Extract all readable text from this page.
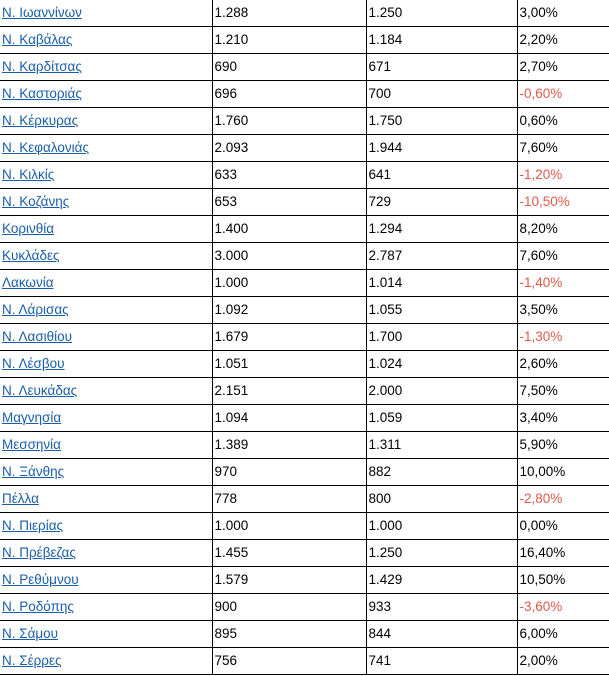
Ν. Ιωαννίνων	1.288	1.250	3,00%
Ν. Καβάλας	1.210	1.184	2,20%
Ν. Καρδίτσας	690	671	2,70%
Ν. Καστοριάς	696	700	-0,60%
Ν. Κέρκυρας	1.760	1.750	0,60%
Ν. Κεφαλονιάς	2.093	1.944	7,60%
Ν. Κιλκίς	633	641	-1,20%
Ν. Κοζάνης	653	729	-10,50%
Κορινθία	1.400	1.294	8,20%
Κυκλάδες	3.000	2.787	7,60%
Λακωνία	1.000	1.014	-1,40%
Ν. Λάρισας	1.092	1.055	3,50%
Ν. Λασιθίου	1.679	1.700	-1,30%
Ν. Λέσβου	1.051	1.024	2,60%
Ν. Λευκάδας	2.151	2.000	7,50%
Μαγνησία	1.094	1.059	3,40%
Μεσσηνία	1.389	1.311	5,90%
Ν. Ξάνθης	970	882	10,00%
Πέλλα	778	800	-2,80%
Ν. Πιερίας	1.000	1.000	0,00%
Ν. Πρέβεζας	1.455	1.250	16,40%
Ν. Ρεθύμνου	1.579	1.429	10,50%
Ν. Ροδόπης	900	933	-3,60%
Ν. Σάμου	895	844	6,00%
Ν. Σέρρες	756	741	2,00%
